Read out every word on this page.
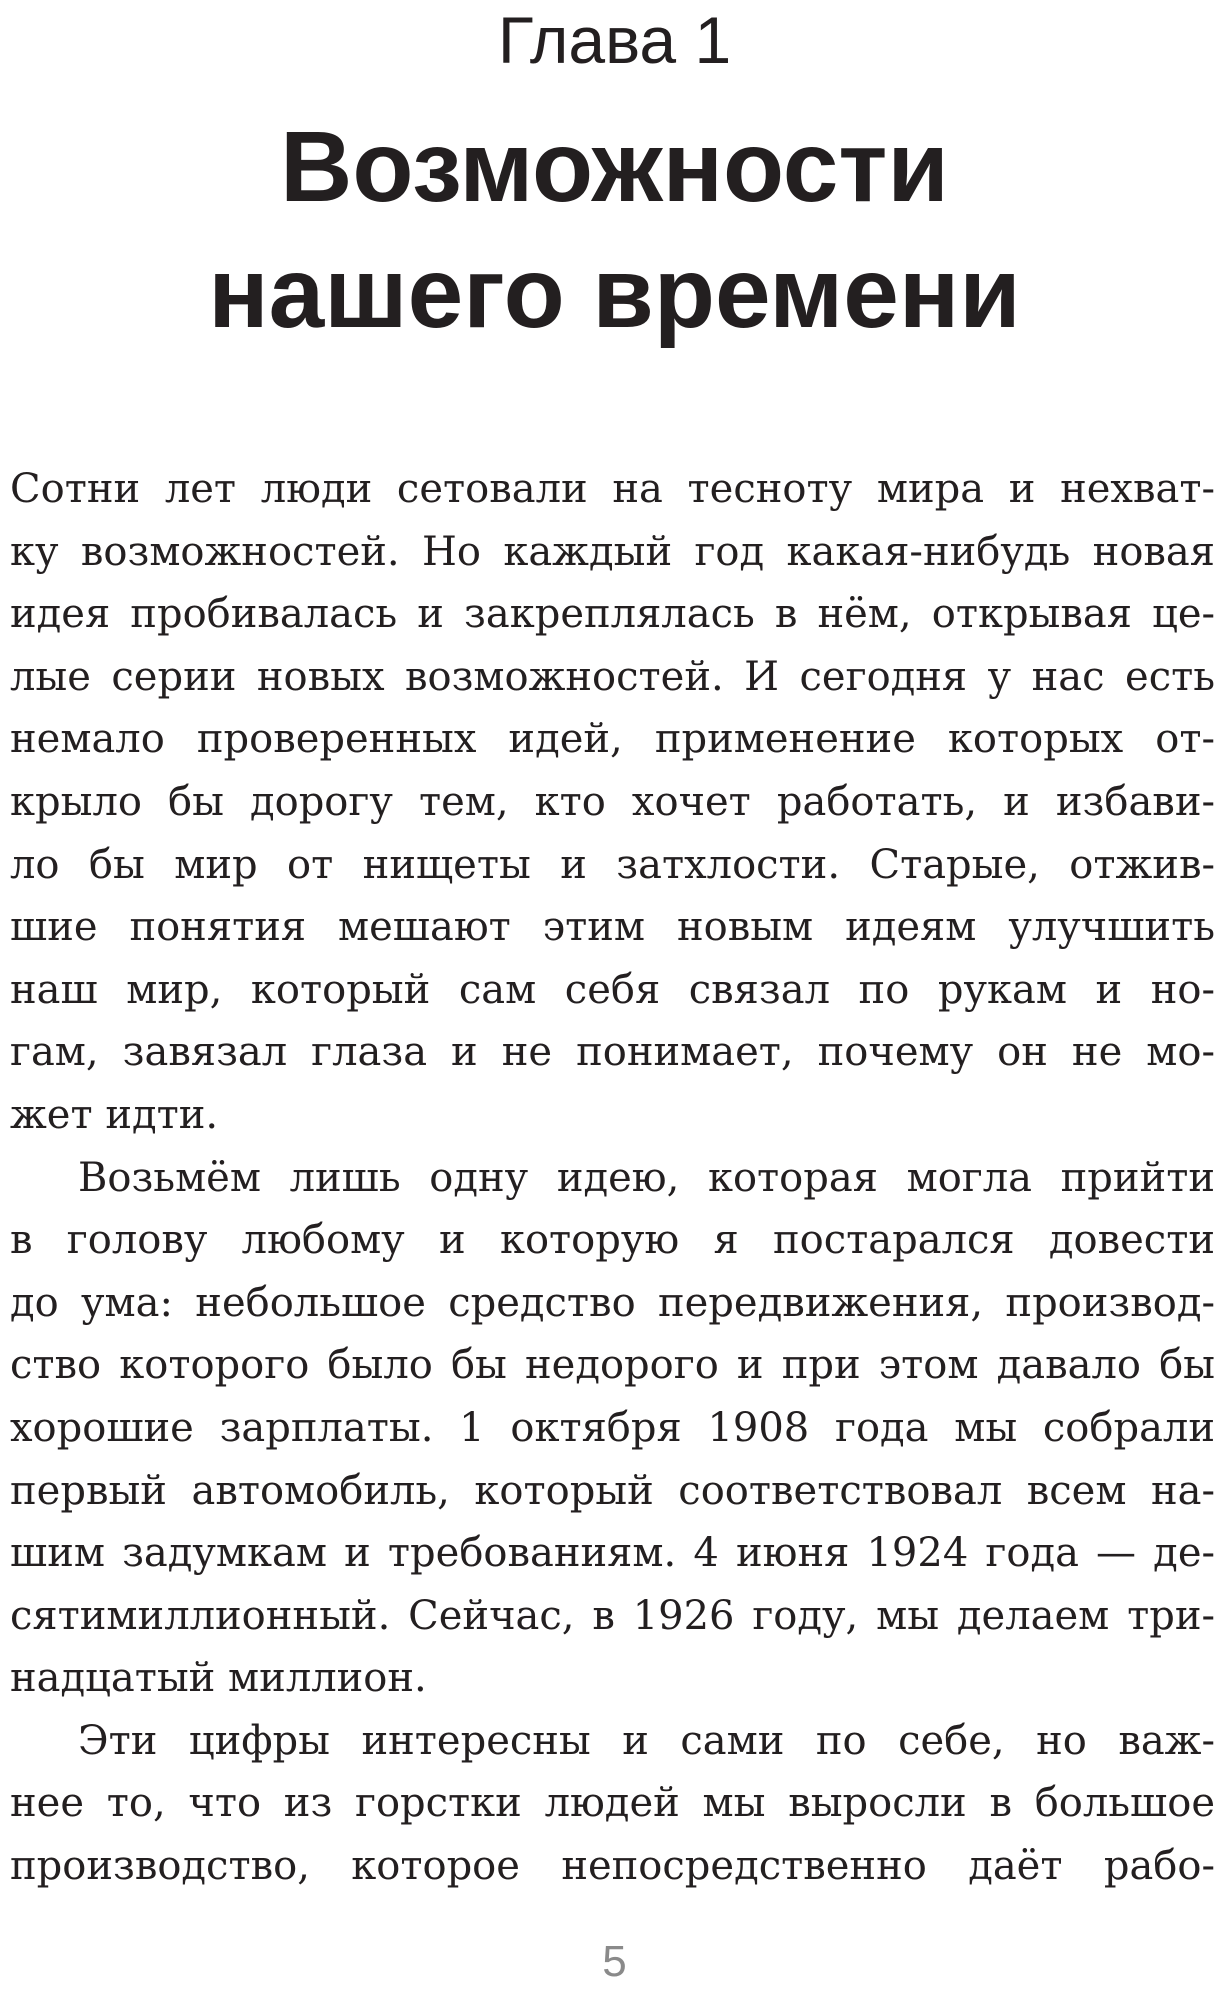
Глава 1
Возможности
нашего времени
Сотни лет люди сетовали на тесноту мира и нехват-
ку возможностей. Но каждый год какая-нибудь новая
идея пробивалась и закреплялась в нём, открывая це-
лые серии новых возможностей. И сегодня у нас есть
немало проверенных идей, применение которых от-
крыло бы дорогу тем, кто хочет работать, и избави-
ло бы мир от нищеты и затхлости. Старые, отжив-
шие понятия мешают этим новым идеям улучшить
наш мир, который сам себя связал по рукам и но-
гам, завязал глаза и не понимает, почему он не мо-
жет идти.
Возьмём лишь одну идею, которая могла прийти
в голову любому и которую я постарался довести
до ума: небольшое средство передвижения, производ-
ство которого было бы недорого и при этом давало бы
хорошие зарплаты. 1 октября 1908 года мы собрали
первый автомобиль, который соответствовал всем на-
шим задумкам и требованиям. 4 июня 1924 года — де-
сятимиллионный. Сейчас, в 1926 году, мы делаем три-
надцатый миллион.
Эти цифры интересны и сами по себе, но важ-
нее то, что из горстки людей мы выросли в большое
производство, которое непосредственно даёт рабо-
5
